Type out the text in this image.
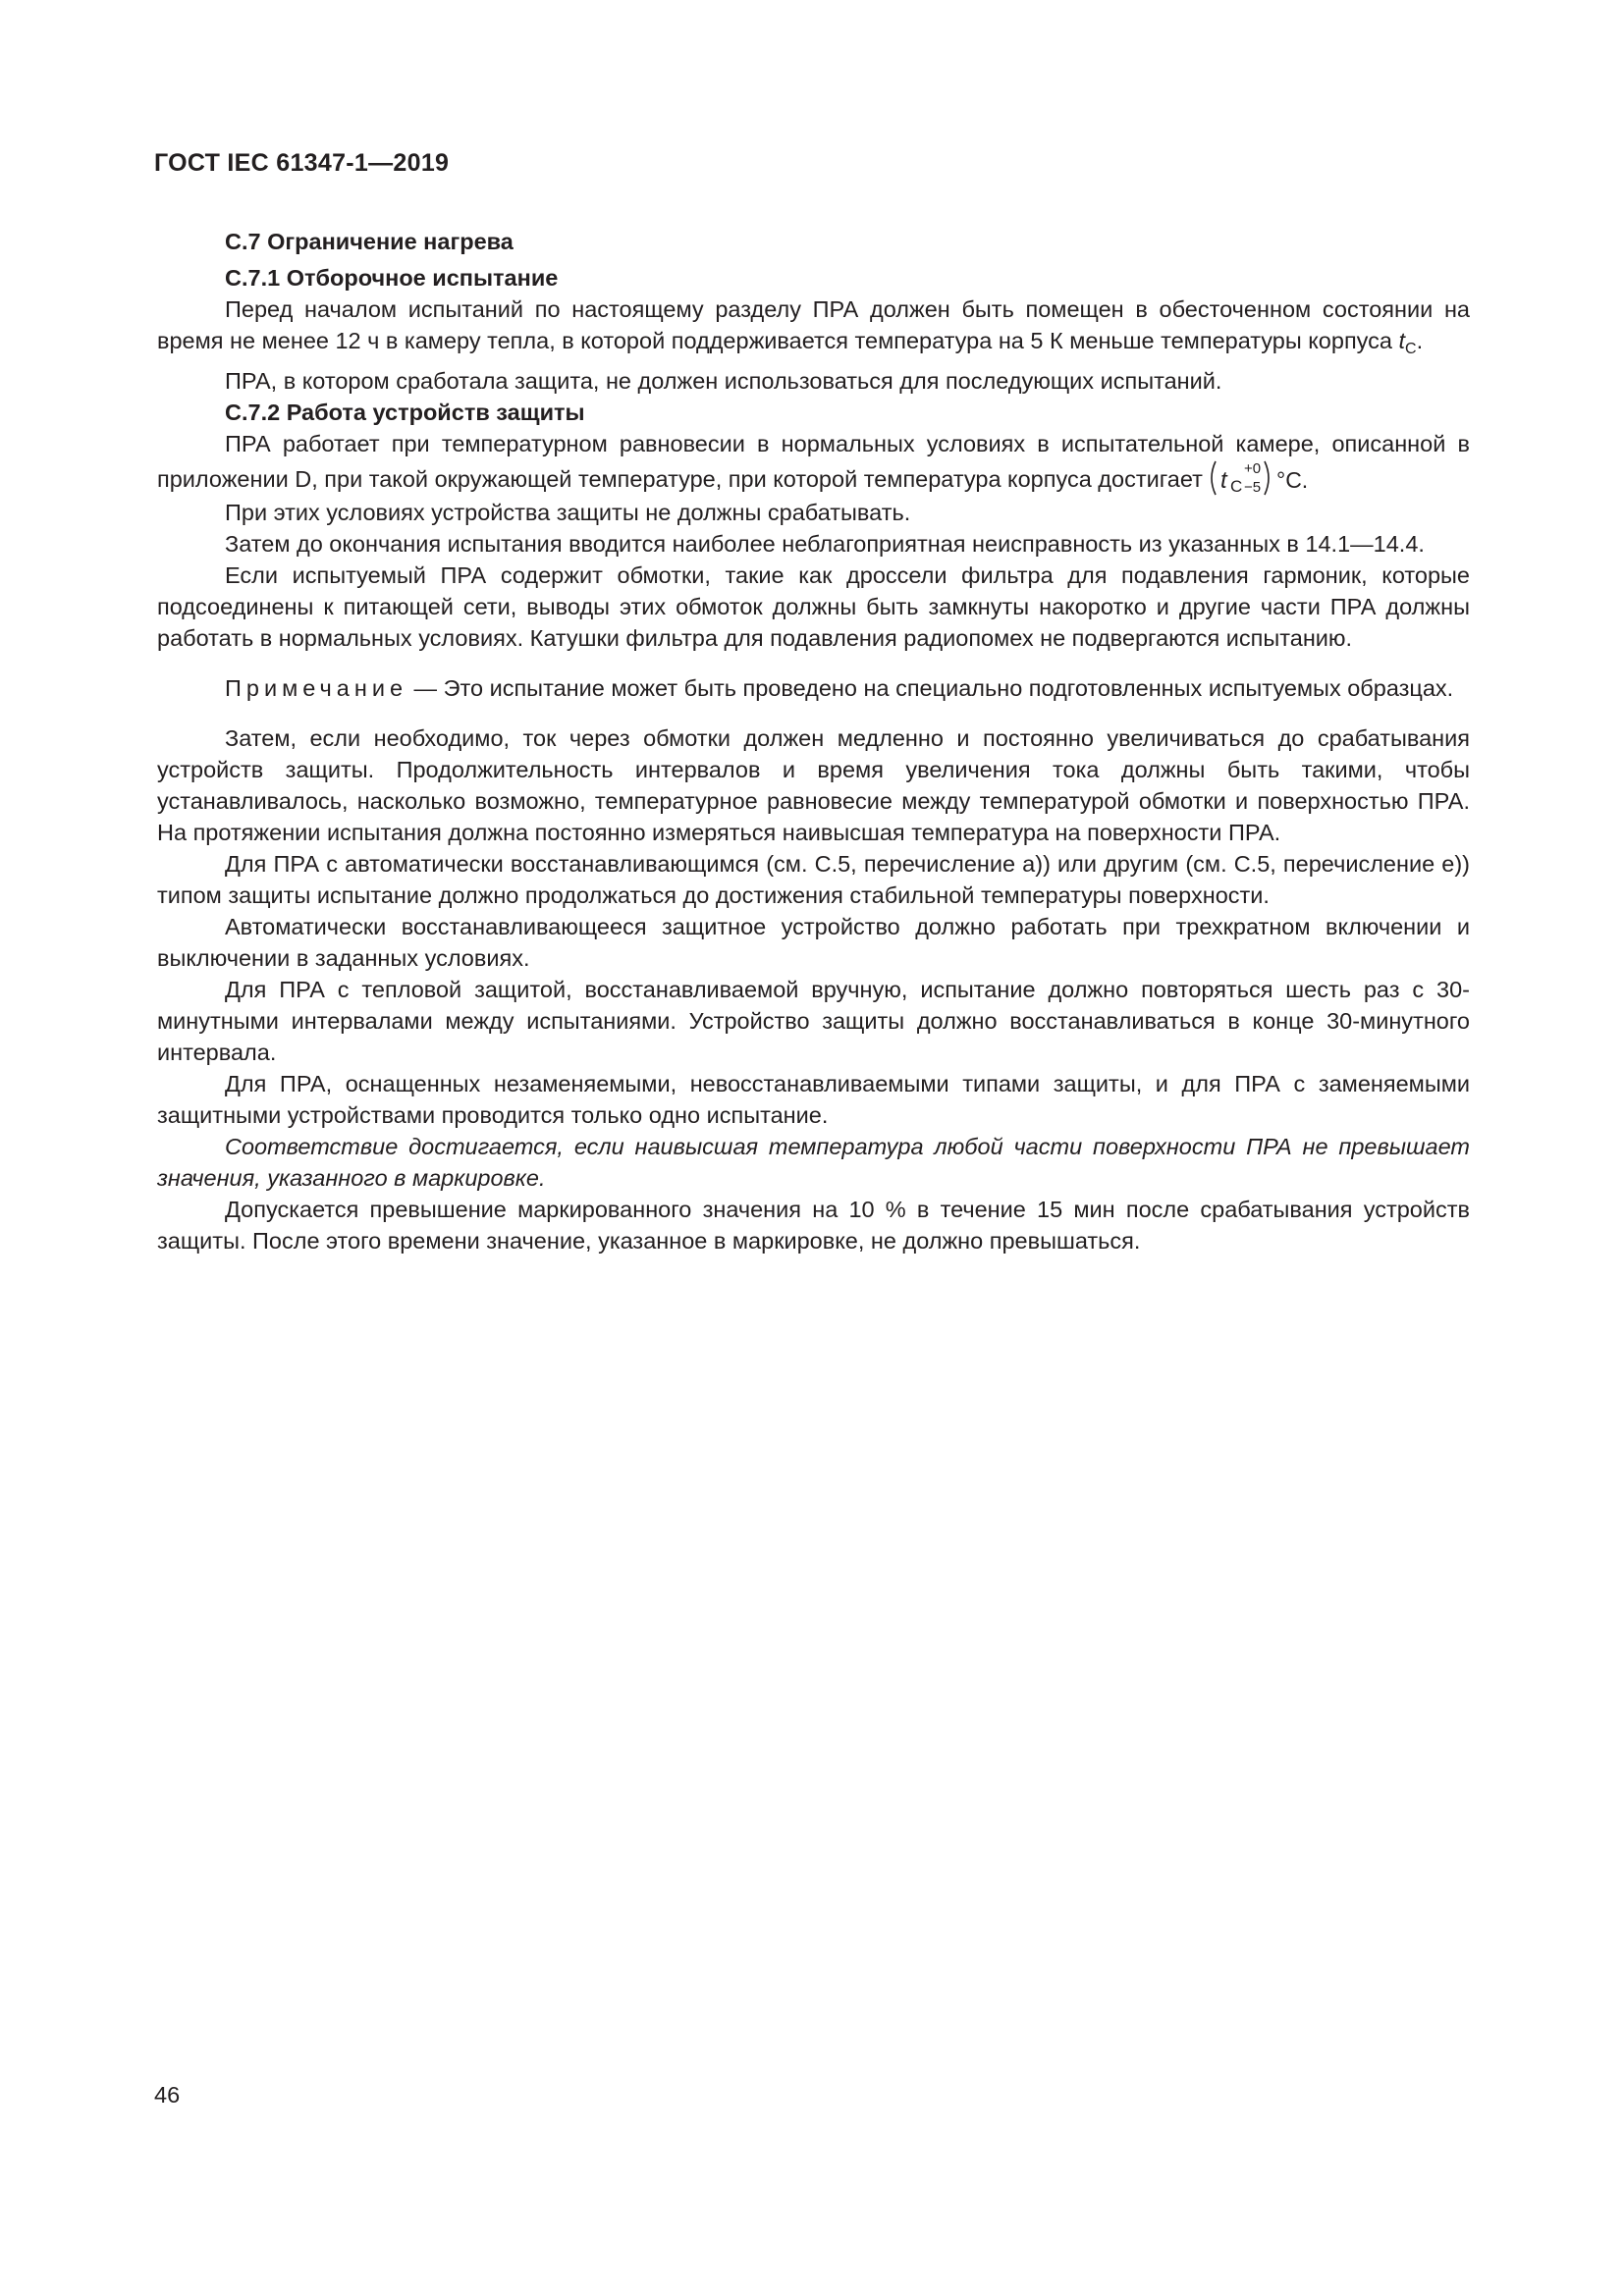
ГОСТ IEC 61347-1—2019
С.7 Ограничение нагрева
С.7.1 Отборочное испытание

Перед началом испытаний по настоящему разделу ПРА должен быть помещен в обесточенном состоянии на время не менее 12 ч в камеру тепла, в которой поддерживается температура на 5 К меньше температуры корпуса $t_C$.

ПРА, в котором сработала защита, не должен использоваться для последующих испытаний.

С.7.2 Работа устройств защиты

ПРА работает при температурном равновесии в нормальных условиях в испытательной камере, описанной в приложении D, при такой окружающей температуре, при которой температура корпуса достигает t C
+0
−5 °C.

При этих условиях устройства защиты не должны срабатывать.

Затем до окончания испытания вводится наиболее неблагоприятная неисправность из указанных в 14.1—14.4.

Если испытуемый ПРА содержит обмотки, такие как дроссели фильтра для подавления гармоник, которые подсоединены к питающей сети, выводы этих обмоток должны быть замкнуты накоротко и другие части ПРА должны работать в нормальных условиях. Катушки фильтра для подавления радиопомех не подвергаются испытанию.

Примечание — Это испытание может быть проведено на специально подготовленных испытуемых образцах.

Затем, если необходимо, ток через обмотки должен медленно и постоянно увеличиваться до срабатывания устройств защиты. Продолжительность интервалов и время увеличения тока должны быть такими, чтобы устанавливалось, насколько возможно, температурное равновесие между температурой обмотки и поверхностью ПРА. На протяжении испытания должна постоянно измеряться наивысшая температура на поверхности ПРА.

Для ПРА с автоматически восстанавливающимся (см. С.5, перечисление а)) или другим (см. С.5, перечисление е)) типом защиты испытание должно продолжаться до достижения стабильной температуры поверхности.

Автоматически восстанавливающееся защитное устройство должно работать при трехкратном включении и выключении в заданных условиях.

Для ПРА с тепловой защитой, восстанавливаемой вручную, испытание должно повторяться шесть раз с 30-минутными интервалами между испытаниями. Устройство защиты должно восстанавливаться в конце 30-минутного интервала.

Для ПРА, оснащенных незаменяемыми, невосстанавливаемыми типами защиты, и для ПРА с заменяемыми защитными устройствами проводится только одно испытание.

Соответствие достигается, если наивысшая температура любой части поверхности ПРА не превышает значения, указанного в маркировке.

Допускается превышение маркированного значения на 10 % в течение 15 мин после срабатывания устройств защиты. После этого времени значение, указанное в маркировке, не должно превышаться.

46
